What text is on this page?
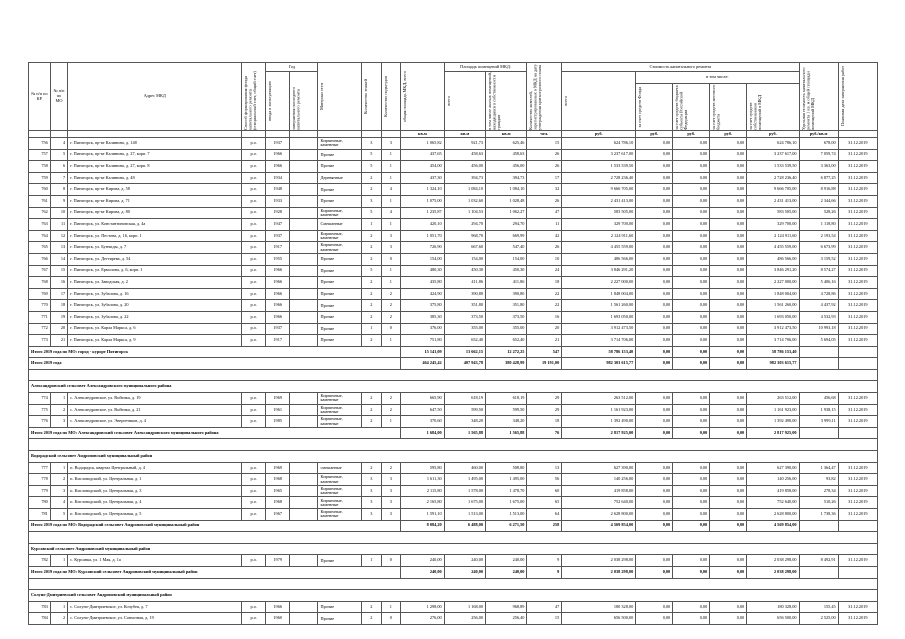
№ п/п по КР	№ п/п по МО	Адрес МКД	Способ формирования фонда капитального ремонта (специальный счет, общий счет)	Год		Материал стен	Количество этажей	Количество подъездов	общая площадь МКД, всего	Площадь помещений МКД:		Количество жителей, зарегистрированных в МКД на дату утверждения краткосрочного плана	Стоимость капитального ремонта					Удельная стоимость капитального ремонта 1 кв. м общей площади помещений МКД	Плановая дата завершения работ

				ввода в эксплуатацию	завершения последнего капитального ремонта					всего	в том числе жилых помещений, находящихся в собственности граждан		всего	в том числе:					

														за счет средств Фонда	за счет средств бюджета субъекта Российской Федерации	за счет средств местного бюджета	за счет средств собственников помещений в МКД		

									кв.м	кв.м	кв.м	чел.	руб.	руб.	руб.	руб.	руб.	руб./кв.м	
756	4	г. Пятигорск, пр-кт Калинина, д. 148	р.о.	1937		Кирпичные, каменные	3	3	1 065,82	921,73	625,46	15	624 786,10	0,00	0,00	0,00	624 786,10	678,00	31.12.2019
757	5	г. Пятигорск, пр-кт Калинина, д. 27, корп. 7	р.о.	1966		Прочие	5	1	437,65	458,63	458,63	26	3 237 617,00	0,00	0,00	0,00	3 237 617,00	7 059,74	31.12.2019
758	6	г. Пятигорск, пр-кт Калинина, д. 27, корп. 8	р.о.	1966		Прочие	5	1	454,00	456,00	456,00	26	1 533 539,50	0,00	0,00	0,00	1 533 539,50	3 363,00	31.12.2019
759	7	г. Пятигорск, пр-кт Калинина, д. 48	р.о.	1934		Деревянные	2	1	437,30	394,73	394,73	17	2 728 236,40	0,00	0,00	0,00	2 728 236,40	6 877,25	31.12.2019
760	8	г. Пятигорск, пр-кт Кирова, д. 58	р.о.	1948		Прочие	2	4	1 324,10	1 084,10	1 084,10	32	9 666 705,00	0,00	0,00	0,00	9 666 705,00	8 916,88	31.12.2019
761	9	г. Пятигорск, пр-кт Кирова, д. 71	р.о.	1933		Прочие	3	1	1 075,00	1 032,60	1 028,48	26	2 431 413,00	0,00	0,00	0,00	2 431 413,00	2 344,66	31.12.2019
762	10	г. Пятигорск, пр-кт Кирова, д. 80	р.о.	1928		Кирпичные, каменные	5	4	1 235,87	1 104,53	1 062,27	47	583 505,00	0,00	0,00	0,00	583 505,00	528,26	31.12.2019
763	11	г. Пятигорск, ул. Константиновская, д. 4а	р.о.	1947		Смешанные	1	1	420,10	294,70	294,70	11	329 700,00	0,00	0,00	0,00	329 700,00	1 118,80	31.12.2019
764	12	г. Пятигорск, ул. Пестова, д. 16, корп. 1	р.о.	1937		Кирпичные, каменные	2	3	1 051,70	968,70	669,99	42	2 124 911,60	0,00	0,00	0,00	2 124 911,60	2 193,54	31.12.2019
765	13	г. Пятигорск, ул. Бунчиды, д. 7	р.о.	1917		Кирпичные, каменные	2	3	726,90	667,60	547,40	26	4 455 559,00	0,00	0,00	0,00	4 455 559,00	6 673,99	31.12.2019
766	14	г. Пятигорск, ул. Дегтярева, д. 54	р.о.	1955		Прочие	2	0	154,00	154,00	154,00	10	486 566,00	0,00	0,00	0,00	486 566,00	3 159,52	31.12.2019
767	15	г. Пятигорск, ул. Ермолова, д. 6, корп. 1	р.о.	1966		Прочие	5	1	480,30	450,30	450,30	24	3 846 291,20	0,00	0,00	0,00	3 846 291,20	8 574,27	31.12.2019
768	16	г. Пятигорск, ул. Заводская, д. 2	р.о.	1966		Прочие	2	1	435,80	411,86	411,86	18	2 227 000,00	0,00	0,00	0,00	2 227 000,00	5 406,16	31.12.2019
769	17	г. Пятигорск, ул. Зубалова, д. 16	р.о.	1966		Прочие	2	2	424,90	390,80	390,80	22	1 848 004,00	0,00	0,00	0,00	1 848 004,00	4 728,86	31.12.2019
770	18	г. Пятигорск, ул. Зубалова, д. 20	р.о.	1966		Прочие	2	2	375,80	351,80	351,80	22	1 561 260,00	0,00	0,00	0,00	1 561 260,00	4 437,92	31.12.2019
771	19	г. Пятигорск, ул. Зубалова, д. 22	р.о.	1966		Прочие	2	2	385,30	373,50	373,50	16	1 693 050,00	0,00	0,00	0,00	1 693 050,00	4 532,93	31.12.2019
772	20	г. Пятигорск, ул. Карла Маркса, д. 6	р.о.	1937		Прочие	1	0	376,00	355,00	355,00	20	3 912 473,50	0,00	0,00	0,00	3 912 473,50	10 993,18	31.12.2019
773	21	г. Пятигорск, ул. Карла Маркса, д. 9	р.о.	1917		Прочие	2	1	751,80	652,40	652,40	21	3 714 706,00	0,00	0,00	0,00	3 714 706,00	5 694,05	31.12.2019
Итого 2019 года по МО: город - курорт Пятигорск									15 141,09	13 662,15	12 272,25	547	58 786 153,40	0,00	0,00	0,00	58 786 153,40		
Итого 2019 года									464 245,42	407 943,78	380 428,99	19 191,00	982 303 615,77	0,00	0,00	0,00	982 303 615,77		

Александровский сельсовет Александровского муниципального района																			
774	1	с. Александровское, ул. Войтика, д. 19	р.о.	1969		Кирпичные, каменные	2	2	665,90	618,19	618,19	29	263 512,00	0,00	0,00	0,00	263 512,00	456,68	31.12.2019
775	2	с. Александровское, ул. Войтика, д. 21	р.о.	1961		Кирпичные, каменные	2	2	647,50	599,50	599,50	29	1 161 923,00	0,00	0,00	0,00	1 161 923,00	1 938,15	31.12.2019
776	3	с. Александровское, ул. Энергетиков, д. 4	р.о.	1985		Кирпичные, каменные	2	1	370,60	348,20	348,20	18	1 392 490,00	0,00	0,00	0,00	1 392 490,00	3 999,11	31.12.2019
Итого 2019 года по МО: Александровский сельсовет Александровского муниципального района									1 684,00	1 565,88	1 565,88	76	2 817 925,00	0,00	0,00	0,00	2 817 925,00		

Водорадский сельсовет Андроповский муниципальный район																			
777	1	п. Водорадск, квартал Центральный, д. 4	р.о.	1969		смешанные	2	2	595,80	460,00	508,80	13	627 390,00	0,00	0,00	0,00	627 390,00	1 364,47	31.12.2019
778	2	п. Кисловодский, ул. Центральная, д. 1	р.о.	1968		Кирпичные, каменные	3	3	1 611,30	1 495,00	1 495,00	56	140 256,00	0,00	0,00	0,00	140 256,00	93,82	31.12.2019
779	3	п. Кисловодский, ул. Центральная, д. 3	р.о.	1965		Кирпичные, каменные	3	3	2 115,80	1 578,00	1 478,70	60	419 858,00	0,00	0,00	0,00	419 858,00	278,34	31.12.2019
780	4	п. Кисловодский, ул. Центральная, д. 4	р.о.	1968		Кирпичные, каменные	3	3	2 165,80	1 675,00	1 675,00	65	752 640,00	0,00	0,00	0,00	752 640,00	510,26	31.12.2019
781	5	п. Кисловодский, ул. Центральная, д. 5	р.о.	1967		Кирпичные, каменные	3	3	1 591,10	1 513,00	1 513,00	64	2 628 800,00	0,00	0,00	0,00	2 628 800,00	1 738,36	31.12.2019
Итого 2019 года по МО: Водорадский сельсовет Андроповский муниципальный район									8 084,20	6 488,00	6 271,50	258	4 569 854,00	0,00	0,00	0,00	4 569 854,00		

Курсавский сельсовет Андроповский муниципальный район																			
782	1	с. Курсавка, ул. 1 Мая, д. 1а	р.о.	1979		Прочие	1	0	240,00	240,00	240,00	9	2 038 298,00	0,00	0,00	0,00	2 038 298,00	8 492,91	31.12.2019
Итого 2019 года по МО: Курсавский сельсовет Андроповский муниципальный район									240,00	240,00	240,00	9	2 038 298,00	0,00	0,00	0,00	2 038 298,00		

Солуно-Дмитриевский сельсовет Андроповский муниципальный район																			
783	1	с. Солуно-Дмитриевское, ул. Кочубея, д. 7	р.о.	1966		Прочие	2	1	1 298,00	1 168,00	968,89	47	180 328,00	0,00	0,00	0,00	180 328,00	155,45	31.12.2019
784	2	с. Солуно-Дмитриевское, ул. Совхозная, д. 19	р.о.	1960		Прочие	2	0	276,00	256,00	256,40	15	656 500,00	0,00	0,00	0,00	656 500,00	2 525,00	31.12.2019
